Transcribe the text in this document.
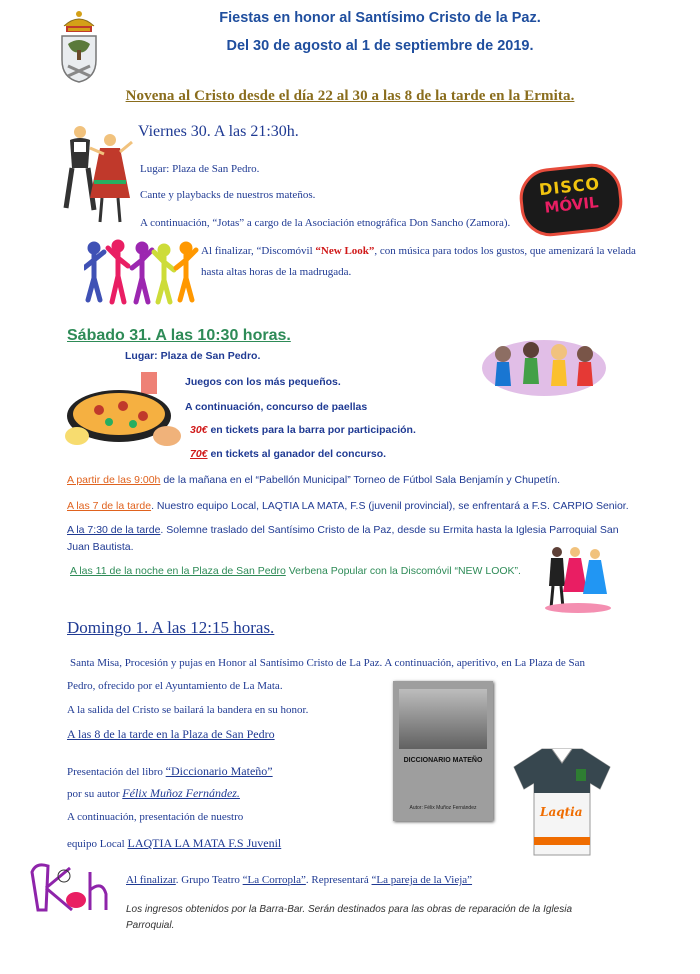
Fiestas en honor al Santísimo Cristo de la Paz.
Del 30 de agosto al 1 de septiembre de 2019.
Novena al Cristo desde el día 22 al 30 a las 8 de la tarde en la Ermita.
Viernes 30. A las 21:30h.
Lugar: Plaza de San Pedro.
Cante y playbacks de nuestros mateños.
A continuación, “Jotas” a cargo de la Asociación etnográfica Don Sancho (Zamora).
DISCO
MÓVIL
Al finalizar, “Discomóvil “New Look”, con música para todos los gustos, que amenizará la velada
hasta altas horas de la madrugada.
Sábado 31. A las 10:30 horas.
Lugar: Plaza de San Pedro.
Juegos con los más pequeños.
A continuación, concurso de paellas
30€ en tickets para la barra por participación.
70€ en tickets al ganador del concurso.
A partir de las 9:00h de la mañana en el “Pabellón Municipal” Torneo de Fútbol Sala Benjamín y Chupetín.
A las 7 de la tarde. Nuestro equipo Local, LAQTIA LA MATA, F.S (juvenil provincial), se enfrentará a F.S. CARPIO Senior.
A la 7:30 de la tarde. Solemne traslado del Santísimo Cristo de la Paz, desde su Ermita hasta la Iglesia Parroquial San
Juan Bautista.
A las 11 de la noche en la Plaza de San Pedro Verbena Popular con la Discomóvil “NEW LOOK”.
Domingo 1. A las 12:15 horas.
Santa Misa, Procesión y pujas en Honor al Santísimo Cristo de La Paz. A continuación, aperitivo, en La Plaza de San
Pedro, ofrecido por el Ayuntamiento de La Mata.
A la salida del Cristo se bailará la bandera en su honor.
A las 8 de la tarde en la Plaza de San Pedro
Presentación del libro “Diccionario Mateño”
por su autor Félix Muñoz Fernández.
A continuación, presentación de nuestro
equipo Local LAQTIA LA MATA F.S Juvenil
DICCIONARIO MATEÑO
Autor: Félix Muñoz Fernández	Laqtia
Al finalizar. Grupo Teatro “La Corropla”. Representará “La pareja de la Vieja”
Los ingresos obtenidos por la Barra-Bar. Serán destinados para las obras de reparación de la Iglesia
Parroquial.
